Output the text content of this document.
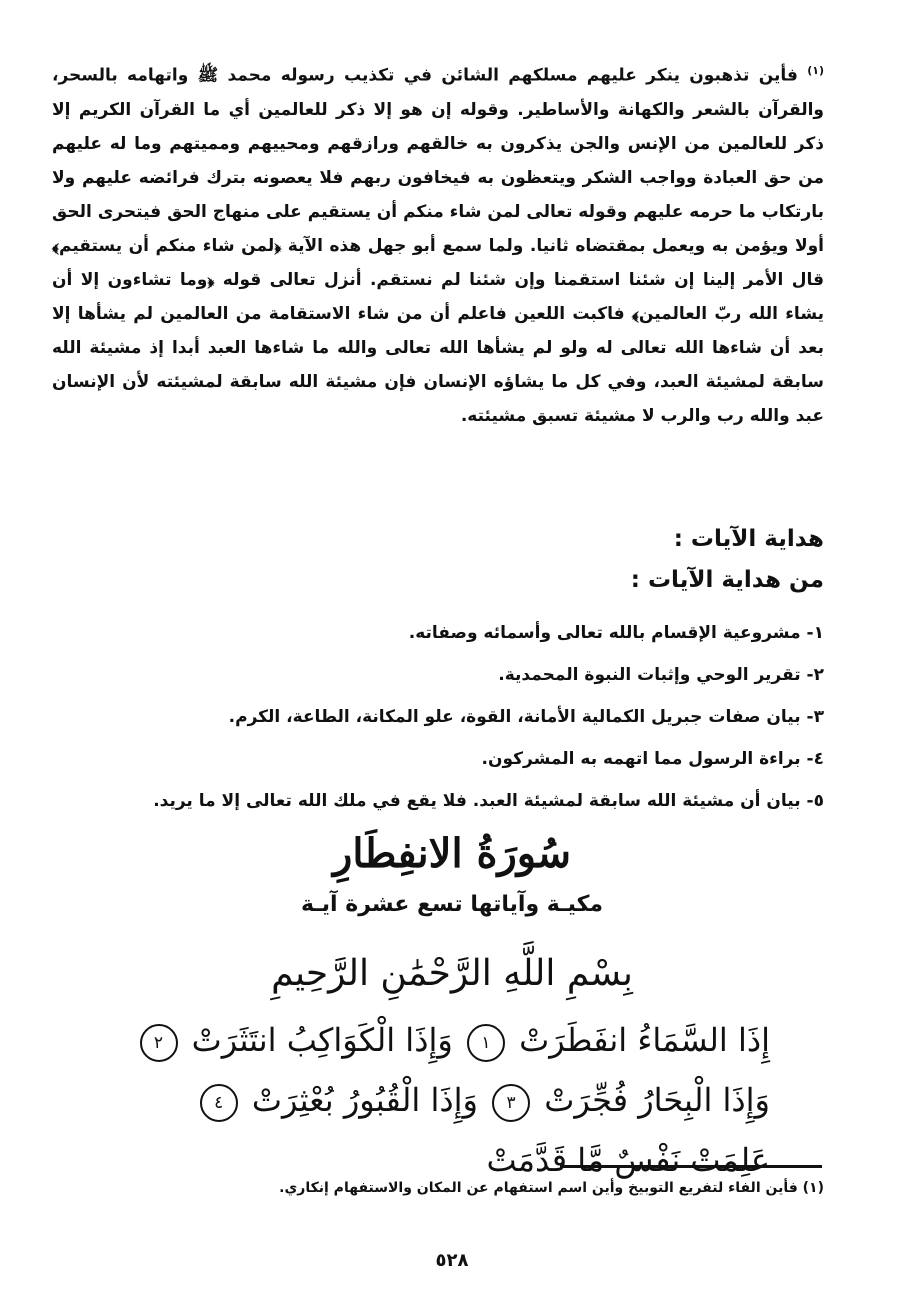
$^{(١)}$ فأين تذهبون ينكر عليهم مسلكهم الشائن في تكذيب رسوله محمد ﷺ واتهامه بالسحر، والقرآن بالشعر والكهانة والأساطير. وقوله إن هو إلا ذكر للعالمين أي ما القرآن الكريم إلا ذكر للعالمين من الإنس والجن يذكرون به خالقهم ورازقهم ومحييهم ومميتهم وما له عليهم من حق العبادة وواجب الشكر ويتعظون به فيخافون ربهم فلا يعصونه بترك فرائضه عليهم ولا بارتكاب ما حرمه عليهم وقوله تعالى لمن شاء منكم أن يستقيم على منهاج الحق فيتحرى الحق أولا ويؤمن به ويعمل بمقتضاه ثانيا. ولما سمع أبو جهل هذه الآية ﴿لمن شاء منكم أن يستقيم﴾ قال الأمر إلينا إن شئنا استقمنا وإن شئنا لم نستقم. أنزل تعالى قوله ﴿وما تشاءون إلا أن يشاء الله ربّ العالمين﴾ فاكبت اللعين فاعلم أن من شاء الاستقامة من العالمين لم يشأها إلا بعد أن شاءها الله تعالى له ولو لم يشأها الله تعالى والله ما شاءها العبد أبدا إذ مشيئة الله سابقة لمشيئة العبد، وفي كل ما يشاؤه الإنسان فإن مشيئة الله سابقة لمشيئته لأن الإنسان عبد والله رب والرب لا مشيئة تسبق مشيئته.

هداية الآيات :
من هداية الآيات :
١- مشروعية الإقسام بالله تعالى وأسمائه وصفاته.
٢- تقرير الوحي وإثبات النبوة المحمدية.
٣- بيان صفات جبريل الكمالية الأمانة، القوة، علو المكانة، الطاعة، الكرم.
٤- براءة الرسول مما اتهمه به المشركون.
٥- بيان أن مشيئة الله سابقة لمشيئة العبد. فلا يقع في ملك الله تعالى إلا ما يريد.
سُورَةُ الانفِطَارِ

مكيـة وآياتها تسع عشرة آيـة

بِسْمِ اللَّهِ الرَّحْمَٰنِ الرَّحِيمِ

إِذَا السَّمَاءُ انفَطَرَتْ ١ وَإِذَا الْكَوَاكِبُ انتَثَرَتْ ٢ وَإِذَا الْبِحَارُ فُجِّرَتْ ٣ وَإِذَا الْقُبُورُ بُعْثِرَتْ ٤ عَلِمَتْ نَفْسٌ مَّا قَدَّمَتْ

(١) فأين الفاء لتفريع التوبيخ وأين اسم استفهام عن المكان والاستفهام إنكاري.

٥٢٨
